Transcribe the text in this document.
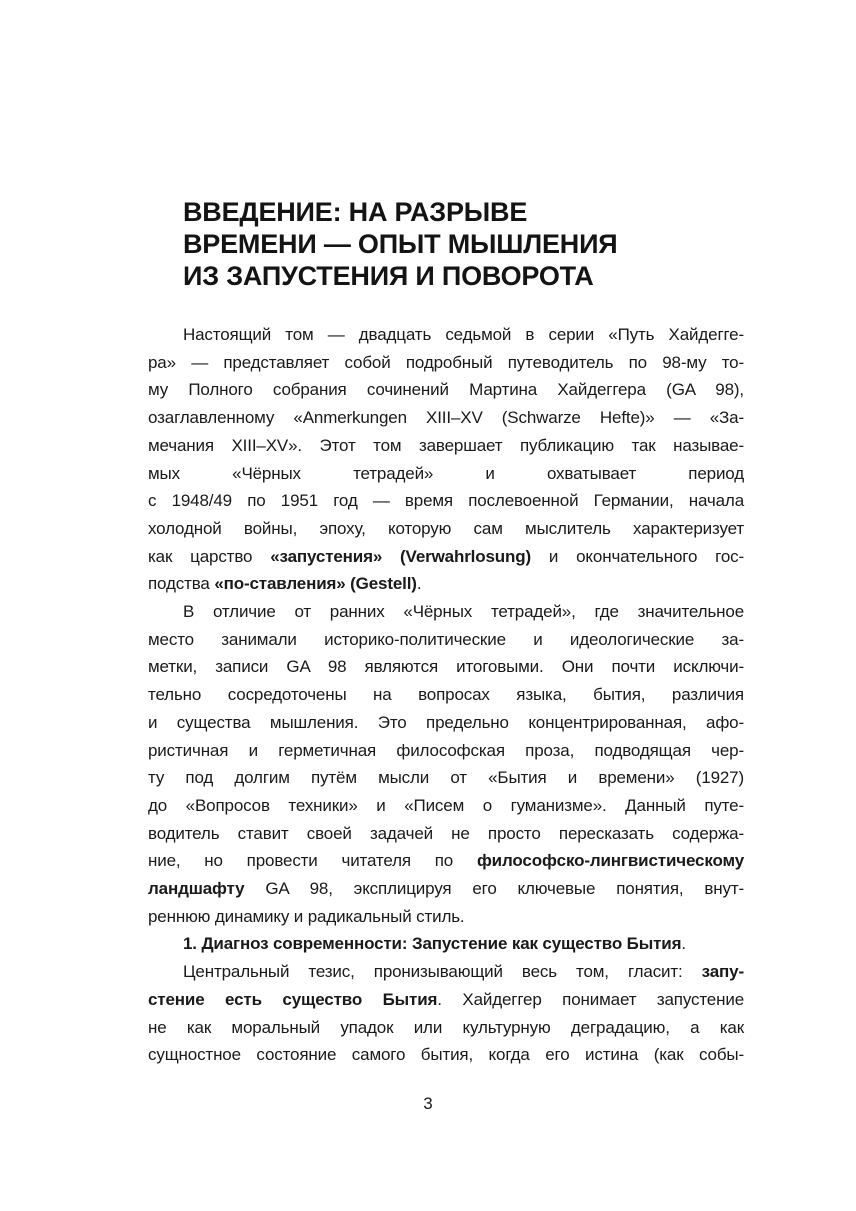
ВВЕДЕНИЕ: НА РАЗРЫВЕ
ВРЕМЕНИ — ОПЫТ МЫШЛЕНИЯ
ИЗ ЗАПУСТЕНИЯ И ПОВОРОТА

Настоящий том — двадцать седьмой в серии «Путь Хайдегге-
ра» — представляет собой подробный путеводитель по 98-му то-
му Полного собрания сочинений Мартина Хайдеггера (GA 98),
озаглавленному «Anmerkungen XIII–XV (Schwarze Hefte)» — «За-
мечания XIII–XV». Этот том завершает публикацию так называе-
мых «Чёрных тетрадей» и охватывает период
с 1948/49 по 1951 год — время послевоенной Германии, начала
холодной войны, эпоху, которую сам мыслитель характеризует
как царство «запустения» (Verwahrlosung) и окончательного гос-
подства «по-ставления» (Gestell).

В отличие от ранних «Чёрных тетрадей», где значительное
место занимали историко-политические и идеологические за-
метки, записи GA 98 являются итоговыми. Они почти исключи-
тельно сосредоточены на вопросах языка, бытия, различия
и существа мышления. Это предельно концентрированная, афо-
ристичная и герметичная философская проза, подводящая чер-
ту под долгим путём мысли от «Бытия и времени» (1927)
до «Вопросов техники» и «Писем о гуманизме». Данный путе-
водитель ставит своей задачей не просто пересказать содержа-
ние, но провести читателя по философско-лингвистическому
ландшафту GA 98, эксплицируя его ключевые понятия, внут-
реннюю динамику и радикальный стиль.

1. Диагноз современности: Запустение как существо Бытия.

Центральный тезис, пронизывающий весь том, гласит: запу-
стение есть существо Бытия. Хайдеггер понимает запустение
не как моральный упадок или культурную деградацию, а как
сущностное состояние самого бытия, когда его истина (как собы-

3
